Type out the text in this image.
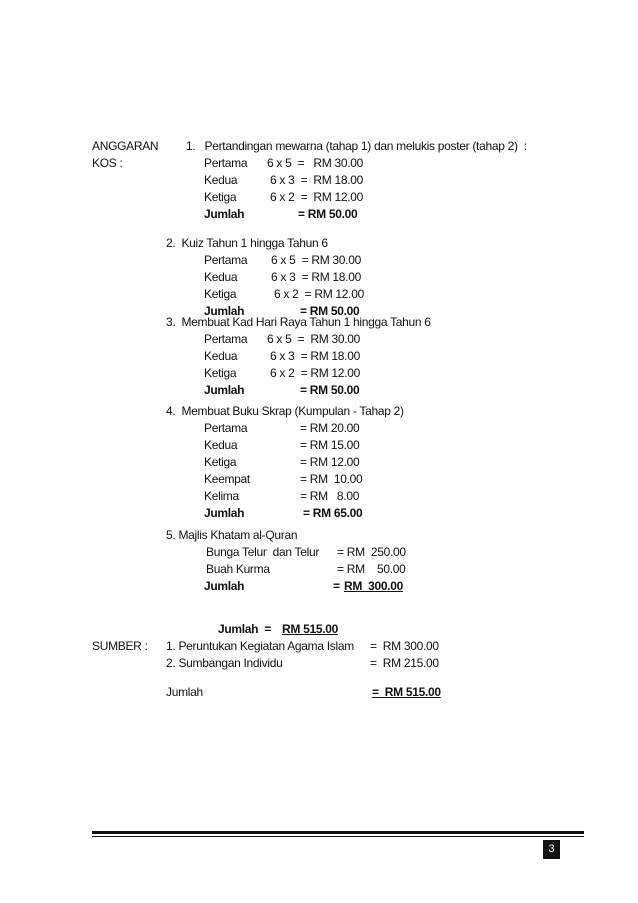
ANGGARAN
KOS :
1.   Pertandingan mewarna (tahap 1) dan melukis poster (tahap 2)  :
Pertama 6 x 5  =   RM 30.00
Kedua	6 x 3  =  RM 18.00
Ketiga	6 x 2  =  RM 12.00
Jumlah	= RM 50.00
2.  Kuiz Tahun 1 hingga Tahun 6
Pertama 6 x 5  = RM 30.00
Kedua	6 x 3  = RM 18.00
Ketiga	6 x 2  = RM 12.00
Jumlah	= RM 50.00
3.  Membuat Kad Hari Raya Tahun 1 hingga Tahun 6
Pertama 6 x 5  =  RM 30.00
Kedua	6 x 3  = RM 18.00
Ketiga	6 x 2  = RM 12.00
Jumlah	= RM 50.00
4.  Membuat Buku Skrap (Kumpulan - Tahap 2)
Pertama	= RM 20.00
Kedua	= RM 15.00
Ketiga	= RM 12.00
Keempat	= RM  10.00
Kelima	= RM   8.00
Jumlah	= RM 65.00
5. Majlis Khatam al-Quran
Bunga Telur  dan Telur = RM  250.00
Buah Kurma	= RM    50.00
Jumlah	= RM  300.00
Jumlah  = RM 515.00
SUMBER : 1. Peruntukan Kegiatan Agama Islam =  RM 300.00
2. Sumbangan Individu	=  RM 215.00
Jumlah	=  RM 515.00
3
